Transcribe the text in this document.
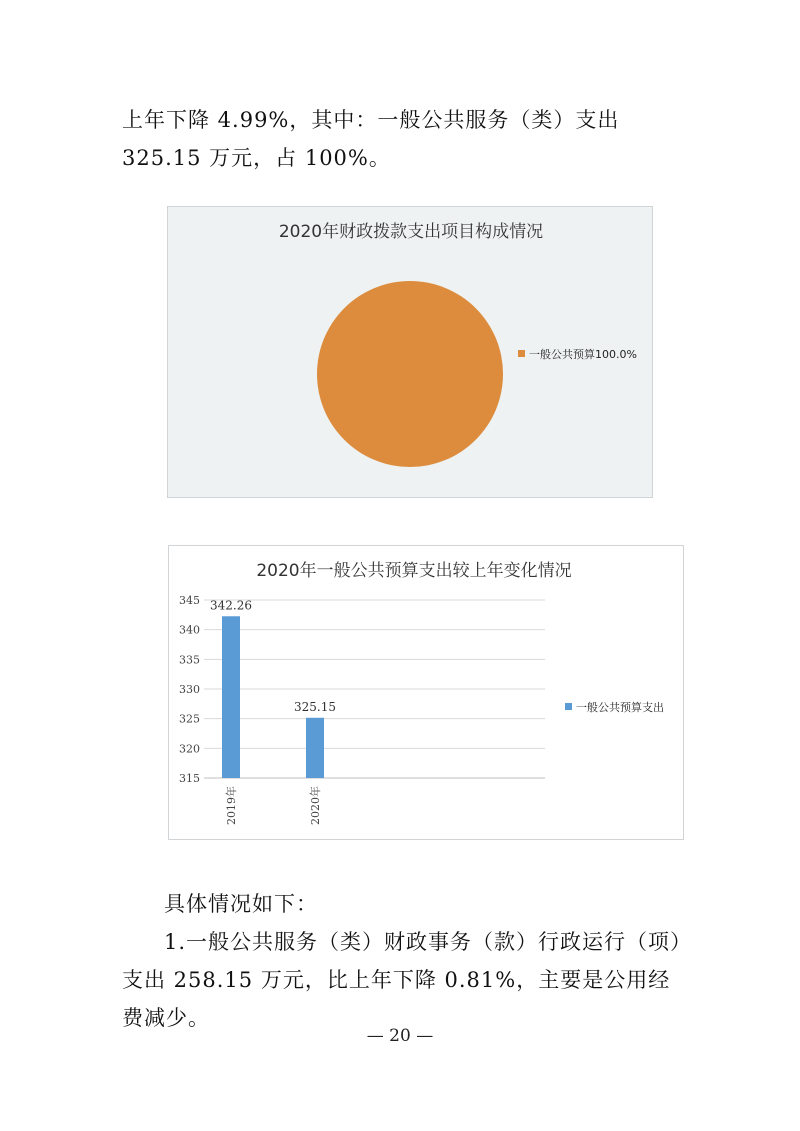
上年下降 4.99%，其中：一般公共服务（类）支出 325.15 万元，占 100%。

2020年财政拨款支出项目构成情况
一般公共预算100.0%
2020年一般公共预算支出较上年变化情况
345
340
335
330
325
320
315
342.26
325.15
2019年	2020年
一般公共预算支出

具体情况如下：

1.一般公共服务（类）财政事务（款）行政运行（项）支出 258.15 万元，比上年下降 0.81%，主要是公用经费减少。

— 20 —
